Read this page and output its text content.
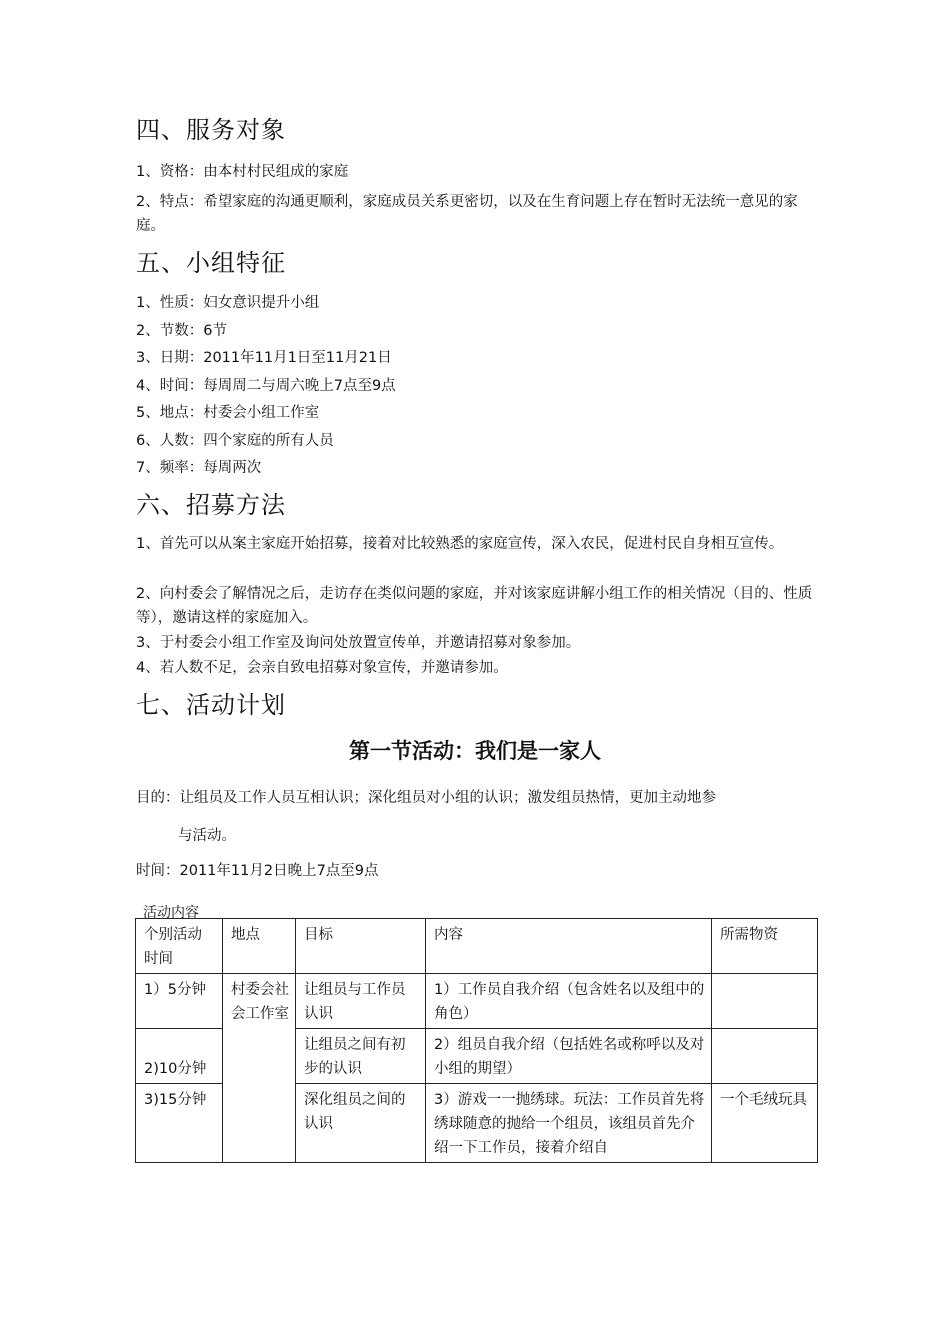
四、服务对象

1、资格：由本村村民组成的家庭

2、特点：希望家庭的沟通更顺利，家庭成员关系更密切，以及在生育问题上存在暂时无法统一意见的家庭。

五、小组特征

1、性质：妇女意识提升小组

2、节数：6节

3、日期：2011年11月1日至11月21日

4、时间：每周周二与周六晚上7点至9点

5、地点：村委会小组工作室

6、人数：四个家庭的所有人员

7、频率：每周两次

六、招募方法

1、首先可以从案主家庭开始招募，接着对比较熟悉的家庭宣传，深入农民，促进村民自身相互宣传。

2、向村委会了解情况之后，走访存在类似问题的家庭，并对该家庭讲解小组工作的相关情况（目的、性质等），邀请这样的家庭加入。

3、于村委会小组工作室及询问处放置宣传单，并邀请招募对象参加。

4、若人数不足，会亲自致电招募对象宣传，并邀请参加。

七、活动计划
第一节活动：我们是一家人

目的：让组员及工作人员互相认识；深化组员对小组的认识；激发组员热情，更加主动地参

与活动。

时间：2011年11月2日晚上7点至9点

活动内容

个别活动时间	地点	目标	内容	所需物资
1）5分钟	村委会社会工作室	让组员与工作员认识	1）工作员自我介绍（包含姓名以及组中的角色）	
2)10分钟		让组员之间有初步的认识	2）组员自我介绍（包括姓名或称呼以及对小组的期望）	
3)15分钟		深化组员之间的认识	3）游戏一一抛绣球。玩法：工作员首先将绣球随意的抛给一个组员，该组员首先介绍一下工作员，接着介绍自	一个毛绒玩具
